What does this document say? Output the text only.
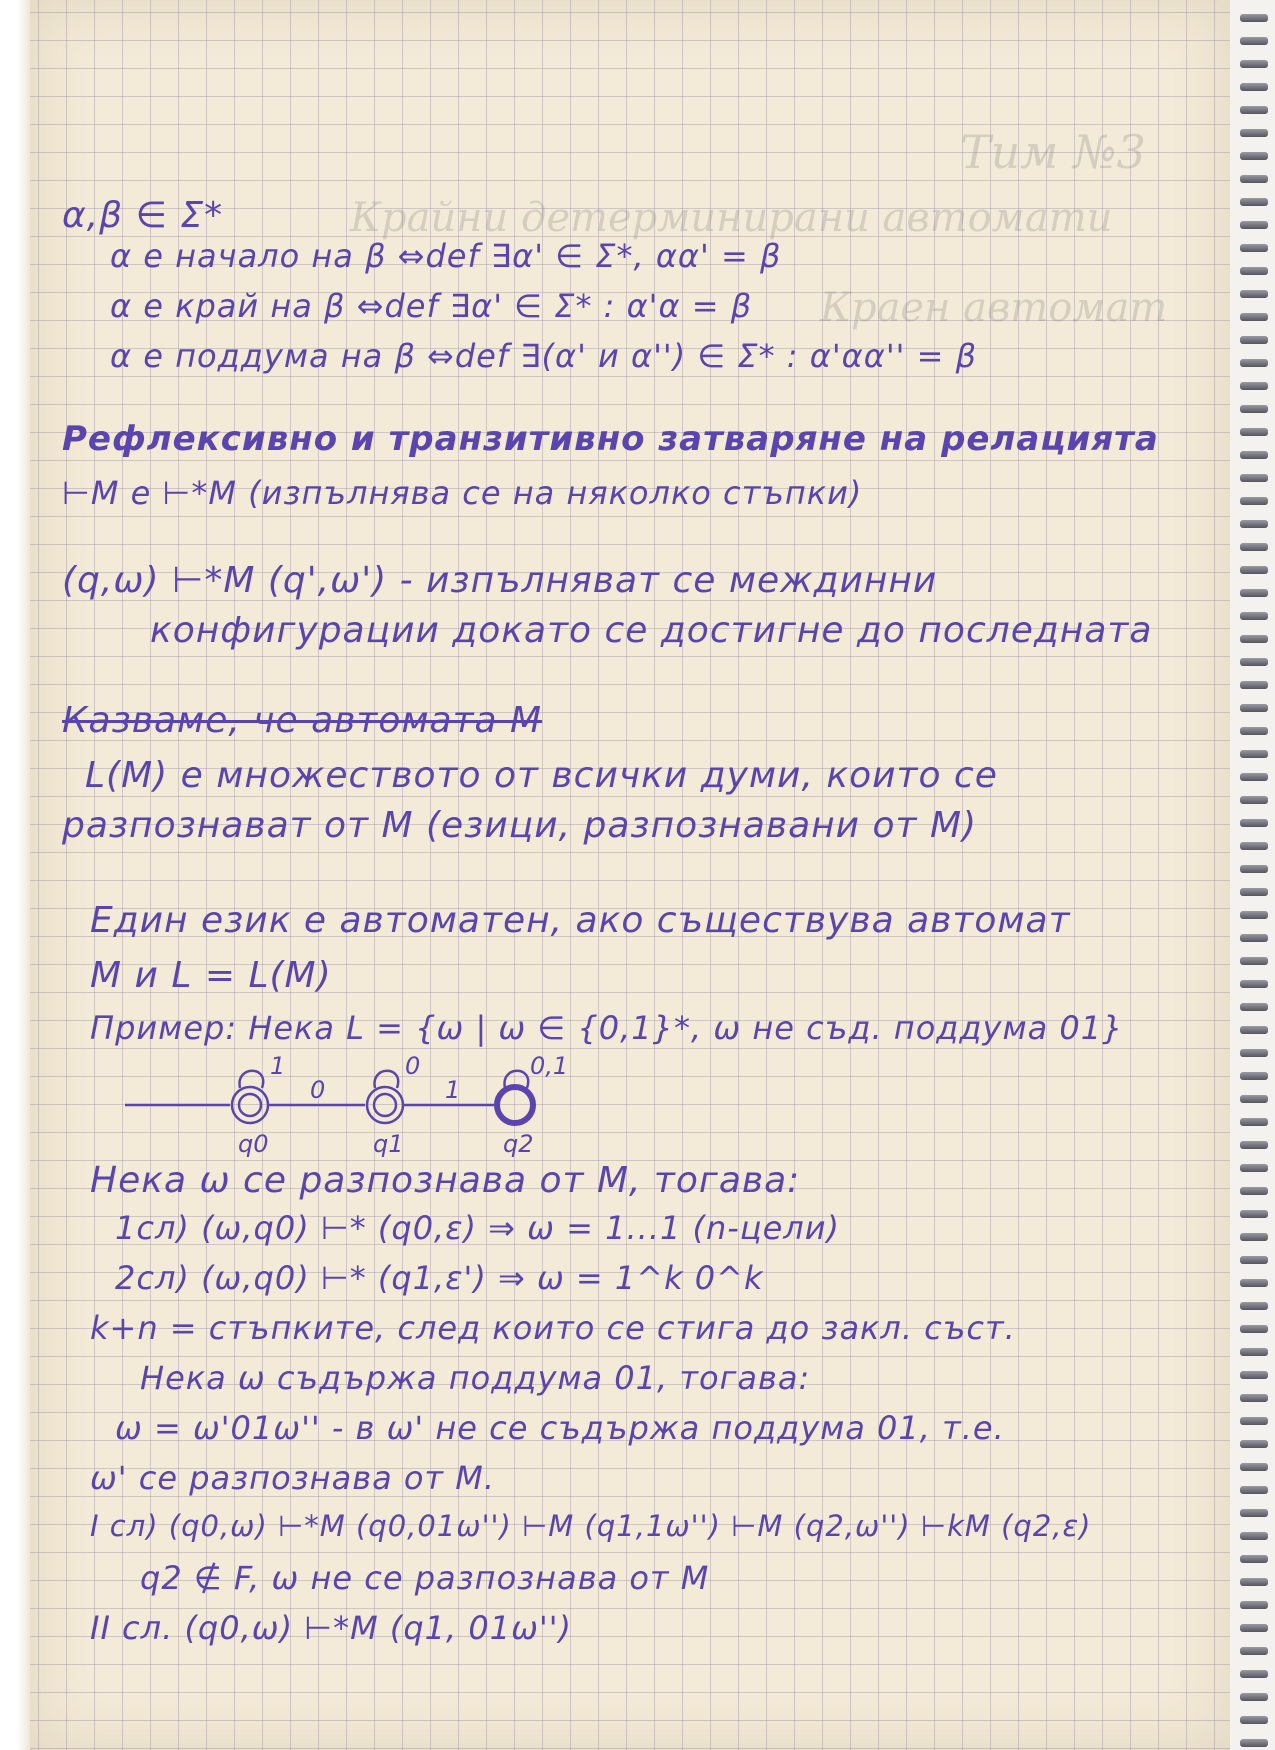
Тим №3
Крайни детерминирани автомати
Краен автомат
α,β ∈ Σ*
α е начало на β ⇔def ∃α' ∈ Σ*, αα' = β
α е край на β ⇔def ∃α' ∈ Σ* : α'α = β
α е поддума на β ⇔def ∃(α' и α'') ∈ Σ* : α'αα'' = β
Рефлексивно и транзитивно затваряне на релацията
⊢M е ⊢*M (изпълнява се на няколко стъпки)
(q,ω) ⊢*M (q',ω') - изпълняват се междинни
конфигурации докато се достигне до последната
Казваме, че автомата M
L(M) е множеството от всички думи, които се
разпознават от M (езици, разпознавани от M)
Един език е автоматен, ако съществува автомат
M и L = L(M)
Пример: Нека L = {ω | ω ∈ {0,1}*, ω не съд. поддума 01}
1	0	0,1
0	1
q0	q1	q2
Нека ω се разпознава от M, тогава:
1сл) (ω,q0) ⊢* (q0,ε) ⇒ ω = 1...1 (n-цели)
2сл) (ω,q0) ⊢* (q1,ε') ⇒ ω = 1^k 0^k
k+n = стъпките, след които се стига до закл. съст.
Нека ω съдържа поддума 01, тогава:
ω = ω'01ω'' - в ω' не се съдържа поддума 01, т.е.
ω' се разпознава от M.
I сл) (q0,ω) ⊢*M (q0,01ω'') ⊢M (q1,1ω'') ⊢M (q2,ω'') ⊢kM (q2,ε)
q2 ∉ F, ω не се разпознава от M
II сл. (q0,ω) ⊢*M (q1, 01ω'')
